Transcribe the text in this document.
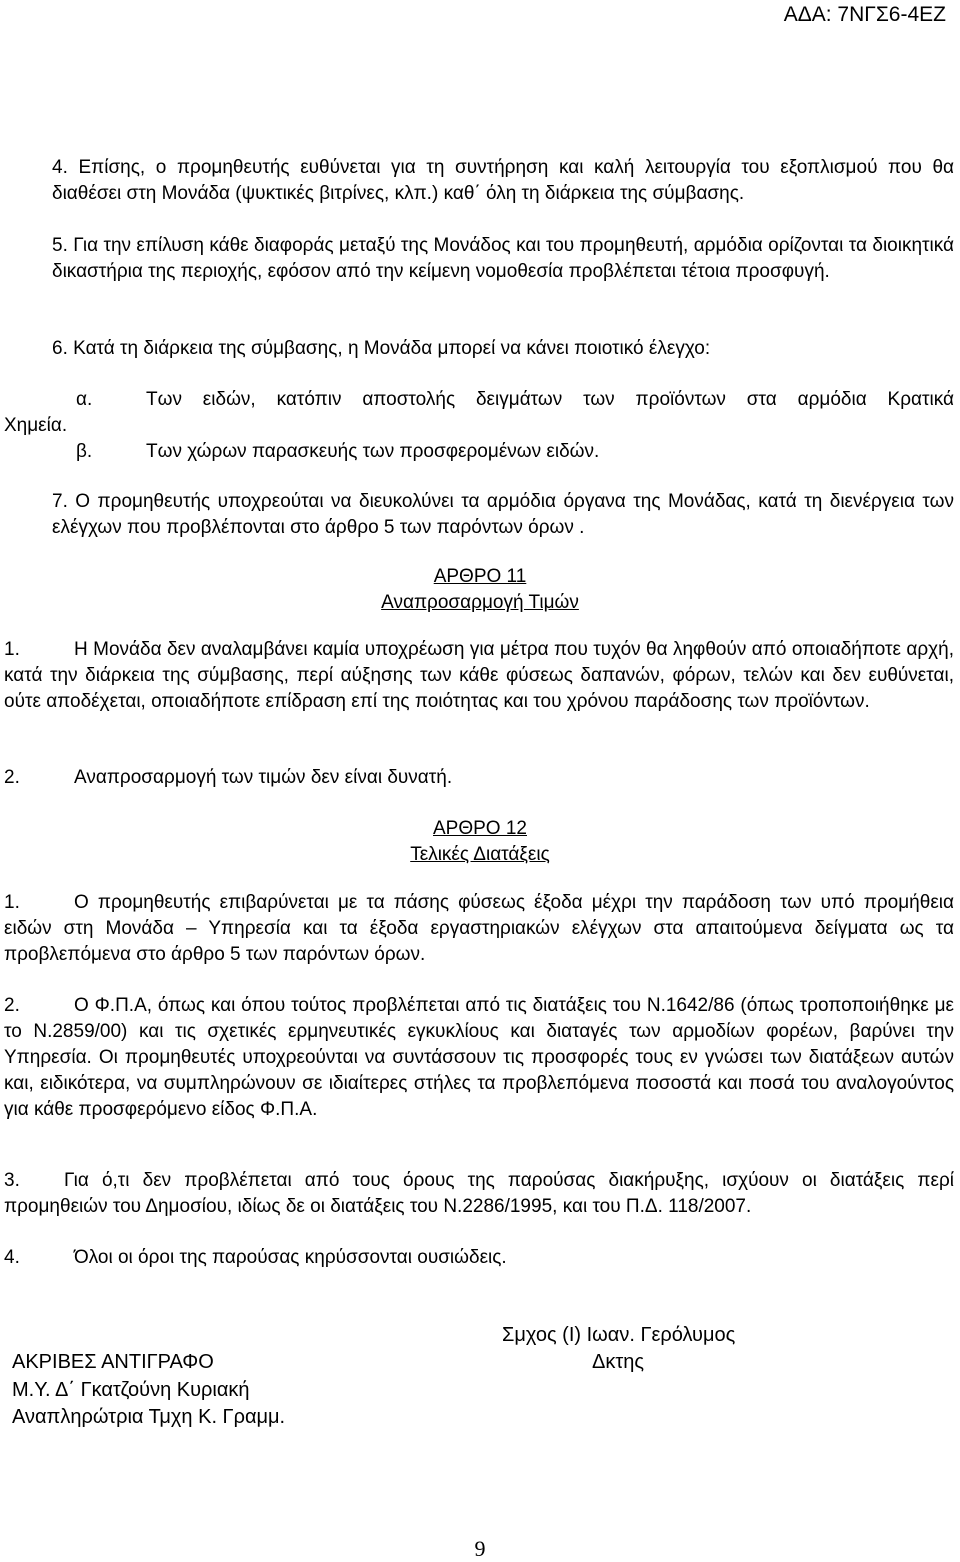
ΑΔΑ: 7ΝΓΣ6-4ΕΖ

4. Επίσης, ο προμηθευτής ευθύνεται για τη συντήρηση και καλή λειτουργία του εξοπλισμού που θα διαθέσει στη Μονάδα (ψυκτικές βιτρίνες, κλπ.) καθ΄ όλη τη διάρκεια της σύμβασης.

5. Για την επίλυση κάθε διαφοράς μεταξύ της Μονάδος και του προμηθευτή, αρμόδια ορίζονται τα διοικητικά δικαστήρια της περιοχής, εφόσον από την κείμενη νομοθεσία προβλέπεται τέτοια προσφυγή.

6. Κατά τη διάρκεια της σύμβασης, η Μονάδα μπορεί να κάνει ποιοτικό έλεγχο:

α.	Των ειδών, κατόπιν αποστολής δειγμάτων των προϊόντων στα αρμόδια Κρατικά

Χημεία.

β.	Των χώρων παρασκευής των προσφερομένων ειδών.

7. Ο προμηθευτής υποχρεούται να διευκολύνει τα αρμόδια όργανα της Μονάδας, κατά τη διενέργεια των ελέγχων που προβλέπονται στο άρθρο 5 των παρόντων όρων .

ΑΡΘΡΟ 11

Αναπροσαρμογή Τιμών

1.	Η Μονάδα δεν αναλαμβάνει καμία υποχρέωση για μέτρα που τυχόν θα ληφθούν από οποιαδήποτε αρχή, κατά την διάρκεια της σύμβασης, περί αύξησης των κάθε φύσεως δαπανών, φόρων, τελών και δεν ευθύνεται, ούτε αποδέχεται, οποιαδήποτε επίδραση επί της ποιότητας και του χρόνου παράδοσης των προϊόντων.

2.	Αναπροσαρμογή των τιμών δεν είναι δυνατή.

ΑΡΘΡΟ 12

Τελικές Διατάξεις

1.	Ο προμηθευτής επιβαρύνεται με τα πάσης φύσεως έξοδα μέχρι την παράδοση των υπό προμήθεια ειδών στη Μονάδα – Υπηρεσία και τα έξοδα εργαστηριακών ελέγχων στα απαιτούμενα δείγματα ως τα προβλεπόμενα στο άρθρο 5 των παρόντων όρων.

2.	Ο Φ.Π.Α, όπως και όπου τούτος προβλέπεται από τις διατάξεις του Ν.1642/86 (όπως τροποποιήθηκε με το Ν.2859/00) και τις σχετικές ερμηνευτικές εγκυκλίους και διαταγές των αρμοδίων φορέων, βαρύνει την Υπηρεσία. Οι προμηθευτές υποχρεούνται να συντάσσουν τις προσφορές τους εν γνώσει των διατάξεων αυτών και, ειδικότερα, να συμπληρώνουν σε ιδιαίτερες στήλες τα προβλεπόμενα ποσοστά και ποσά του αναλογούντος για κάθε προσφερόμενο είδος Φ.Π.Α.

3. Για ό,τι δεν προβλέπεται από τους όρους της παρούσας διακήρυξης, ισχύουν οι διατάξεις περί προμηθειών του Δημοσίου, ιδίως δε οι διατάξεις του Ν.2286/1995, και του Π.Δ. 118/2007.

4.	Όλοι οι όροι της παρούσας κηρύσσονται ουσιώδεις.

Σμχος (Ι) Ιωαν. Γερόλυμος

Δκτης

ΑΚΡΙΒΕΣ ΑΝΤΙΓΡΑΦΟ

Μ.Υ. Δ΄ Γκατζούνη Κυριακή

Αναπληρώτρια Τμχη Κ. Γραμμ.

9
